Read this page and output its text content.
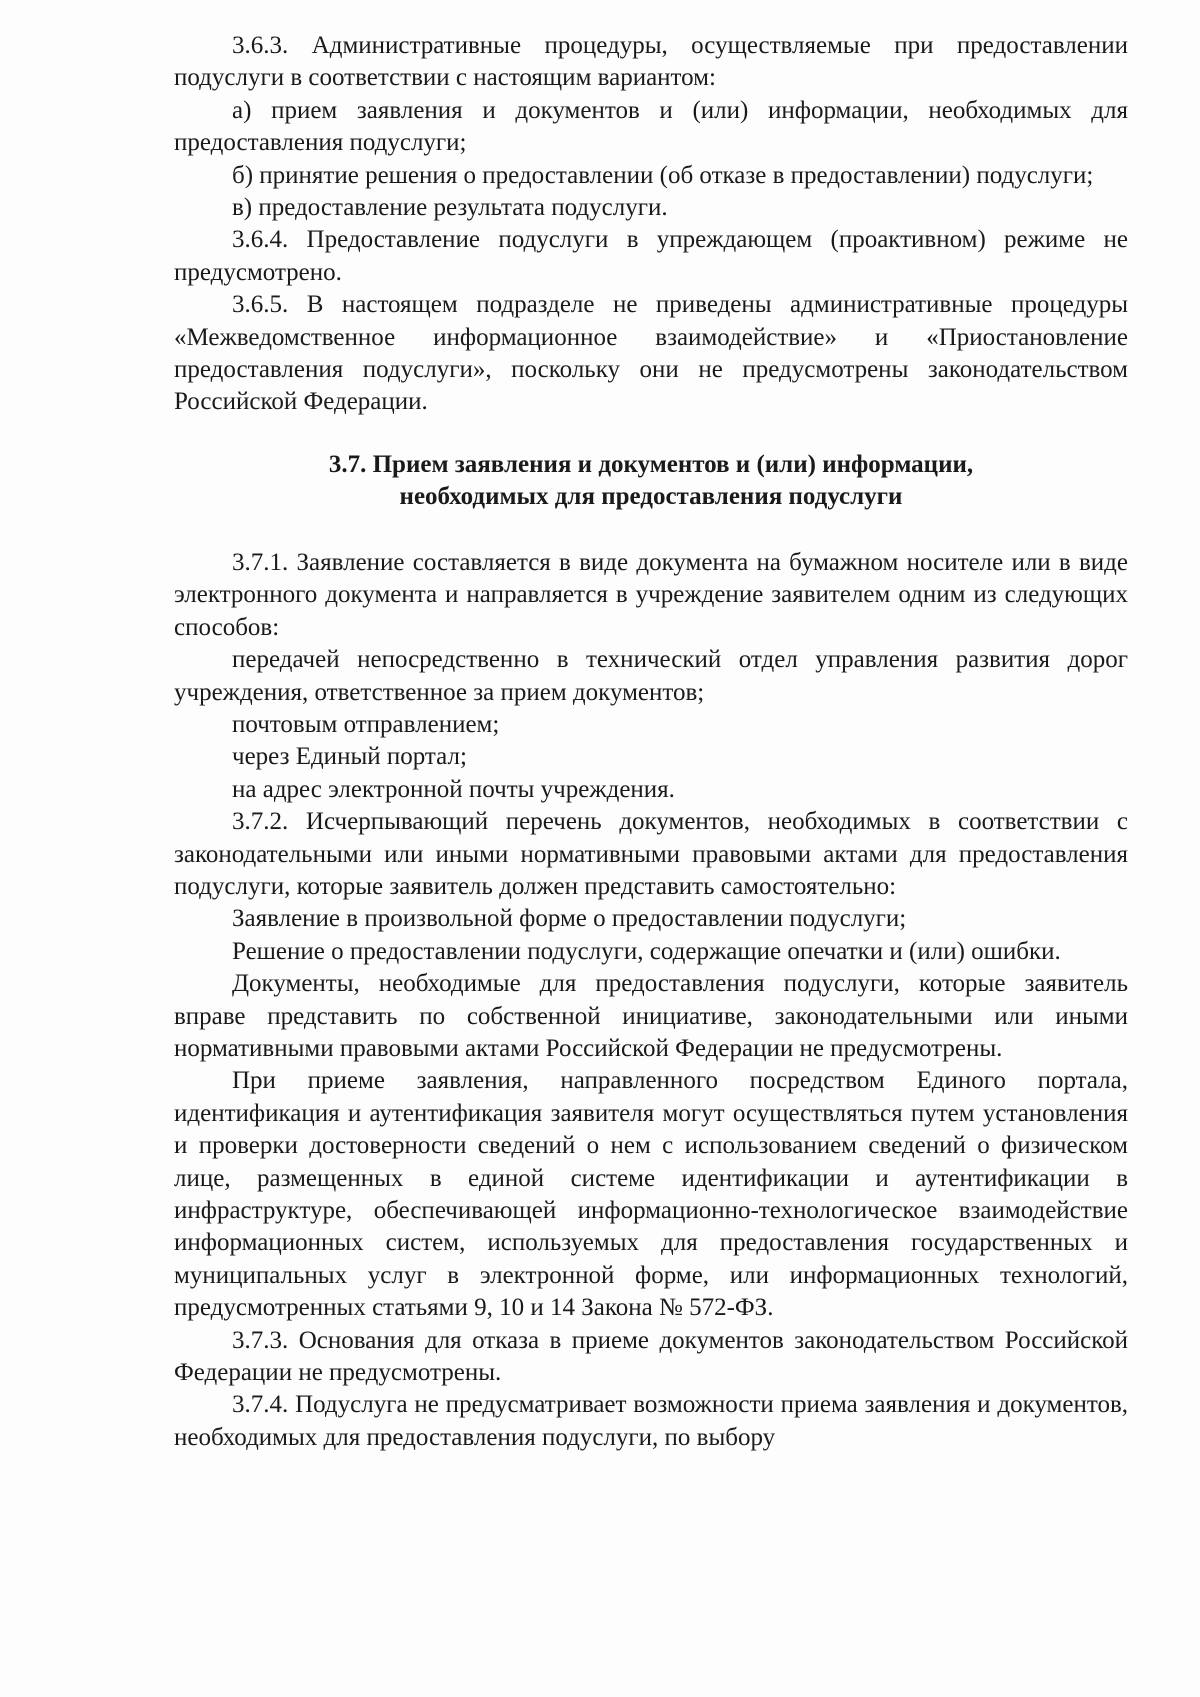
3.6.3. Административные процедуры, осуществляемые при предоставлении подуслуги в соответствии с настоящим вариантом:

а) прием заявления и документов и (или) информации, необходимых для предоставления подуслуги;

б) принятие решения о предоставлении (об отказе в предоставлении) подуслуги;

в) предоставление результата подуслуги.

3.6.4. Предоставление подуслуги в упреждающем (проактивном) режиме не предусмотрено.

3.6.5. В настоящем подразделе не приведены административные процедуры «Межведомственное информационное взаимодействие» и «Приостановление предоставления подуслуги», поскольку они не предусмотрены законодательством Российской Федерации.

3.7. Прием заявления и документов и (или) информации,
необходимых для предоставления подуслуги

3.7.1. Заявление составляется в виде документа на бумажном носителе или в виде электронного документа и направляется в учреждение заявителем одним из следующих способов:

передачей непосредственно в технический отдел управления развития дорог учреждения, ответственное за прием документов;

почтовым отправлением;

через Единый портал;

на адрес электронной почты учреждения.

3.7.2. Исчерпывающий перечень документов, необходимых в соответствии с законодательными или иными нормативными правовыми актами для предоставления подуслуги, которые заявитель должен представить самостоятельно:

Заявление в произвольной форме о предоставлении подуслуги;

Решение о предоставлении подуслуги, содержащие опечатки и (или) ошибки.

Документы, необходимые для предоставления подуслуги, которые заявитель вправе представить по собственной инициативе, законодательными или иными нормативными правовыми актами Российской Федерации не предусмотрены.

При приеме заявления, направленного посредством Единого портала, идентификация и аутентификация заявителя могут осуществляться путем установления и проверки достоверности сведений о нем с использованием сведений о физическом лице, размещенных в единой системе идентификации и аутентификации в инфраструктуре, обеспечивающей информационно-технологическое взаимодействие информационных систем, используемых для предоставления государственных и муниципальных услуг в электронной форме, или информационных технологий, предусмотренных статьями 9, 10 и 14 Закона № 572-ФЗ.

3.7.3. Основания для отказа в приеме документов законодательством Российской Федерации не предусмотрены.

3.7.4. Подуслуга не предусматривает возможности приема заявления и документов, необходимых для предоставления подуслуги, по выбору
